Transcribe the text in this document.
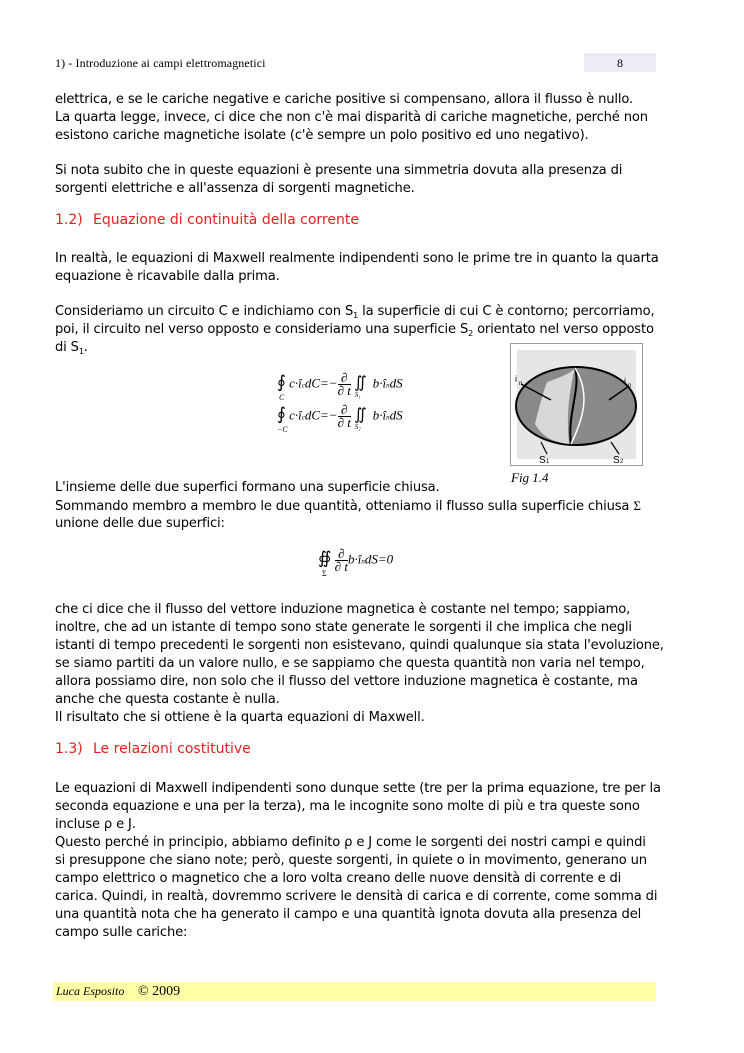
1) - Introduzione ai campi elettromagnetici	8
elettrica, e se le cariche negative e cariche positive si compensano, allora il flusso è nullo.
La quarta legge, invece, ci dice che non c'è mai disparità di cariche magnetiche, perché non
esistono cariche magnetiche isolate (c'è sempre un polo positivo ed uno negativo).
Si nota subito che in queste equazioni è presente una simmetria dovuta alla presenza di
sorgenti elettriche e all'assenza di sorgenti magnetiche.
1.2) Equazione di continuità della corrente
In realtà, le equazioni di Maxwell realmente indipendenti sono le prime tre in quanto la quarta
equazione è ricavabile dalla prima.
Consideriamo un circuito C e indichiamo con $S_1$ la superficie di cui C è contorno; percorriamo,
poi, il circuito nel verso opposto e consideriamo una superficie $S_2$ orientato nel verso opposto
di $S_1$.
∮
C
c·îcdC=− ∂
∂ t $∬_{S_1}b\cdot îndS$
∮
−C
c·îcdC=− ∂
∂ t $∬_{S_2}b\cdot îndS$
i n	i n
S 1	S 2
Fig 1.4
L'insieme delle due superfici formano una superficie chiusa.
Sommando membro a membro le due quantità, otteniamo il flusso sulla superficie chiusa Σ
unione delle due superfici:
∯
Σ

∂
∂ t
b·îndS=0
che ci dice che il flusso del vettore induzione magnetica è costante nel tempo; sappiamo,
inoltre, che ad un istante di tempo sono state generate le sorgenti il che implica che negli
istanti di tempo precedenti le sorgenti non esistevano, quindi qualunque sia stata l'evoluzione,
se siamo partiti da un valore nullo, e se sappiamo che questa quantità non varia nel tempo,
allora possiamo dire, non solo che il flusso del vettore induzione magnetica è costante, ma
anche che questa costante è nulla.
Il risultato che si ottiene è la quarta equazioni di Maxwell.
1.3) Le relazioni costitutive
Le equazioni di Maxwell indipendenti sono dunque sette (tre per la prima equazione, tre per la
seconda equazione e una per la terza), ma le incognite sono molte di più e tra queste sono
incluse ρ e J.
Questo perché in principio, abbiamo definito ρ e J come le sorgenti dei nostri campi e quindi
si presuppone che siano note; però, queste sorgenti, in quiete o in movimento, generano un
campo elettrico o magnetico che a loro volta creano delle nuove densità di corrente e di
carica. Quindi, in realtà, dovremmo scrivere le densità di carica e di corrente, come somma di
una quantità nota che ha generato il campo e una quantità ignota dovuta alla presenza del
campo sulle cariche:
Luca Esposito © 2009
